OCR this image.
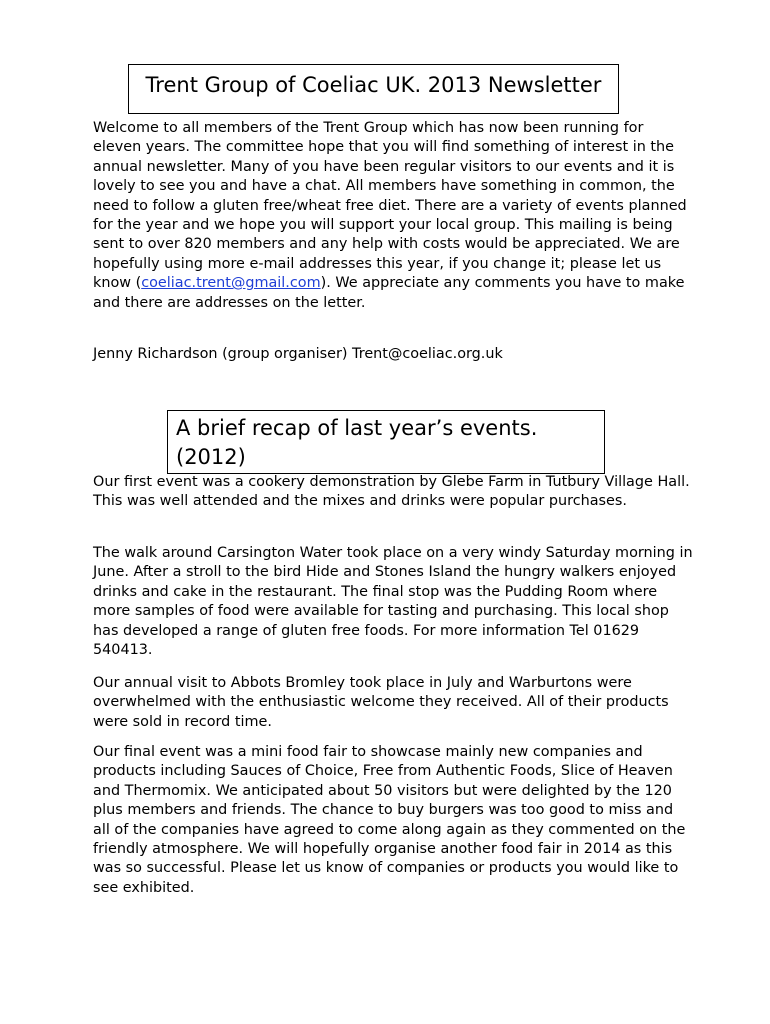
Trent Group of Coeliac UK. 2013 Newsletter

Welcome to all members of the Trent Group which has now been running for eleven years. The committee hope that you will find something of interest in the annual newsletter. Many of you have been regular visitors to our events and it is lovely to see you and have a chat. All members have something in common, the need to follow a gluten free/wheat free diet. There are a variety of events planned for the year and we hope you will support your local group. This mailing is being sent to over 820 members and any help with costs would be appreciated. We are hopefully using more e-mail addresses this year, if you change it; please let us know (coeliac.trent@gmail.com). We appreciate any comments you have to make and there are addresses on the letter.

Jenny Richardson (group organiser) Trent@coeliac.org.uk

A brief recap of last year’s events. (2012)

Our first event was a cookery demonstration by Glebe Farm in Tutbury Village Hall. This was well attended and the mixes and drinks were popular purchases.

The walk around Carsington Water took place on a very windy Saturday morning in June. After a stroll to the bird Hide and Stones Island the hungry walkers enjoyed drinks and cake in the restaurant. The final stop was the Pudding Room where more samples of food were available for tasting and purchasing. This local shop has developed a range of gluten free foods. For more information Tel 01629 540413.

Our annual visit to Abbots Bromley took place in July and Warburtons were overwhelmed with the enthusiastic welcome they received. All of their products were sold in record time.

Our final event was a mini food fair to showcase mainly new companies and products including Sauces of Choice, Free from Authentic Foods, Slice of Heaven and Thermomix. We anticipated about 50 visitors but were delighted by the 120 plus members and friends. The chance to buy burgers was too good to miss and all of the companies have agreed to come along again as they commented on the friendly atmosphere. We will hopefully organise another food fair in 2014 as this was so successful. Please let us know of companies or products you would like to see exhibited.
